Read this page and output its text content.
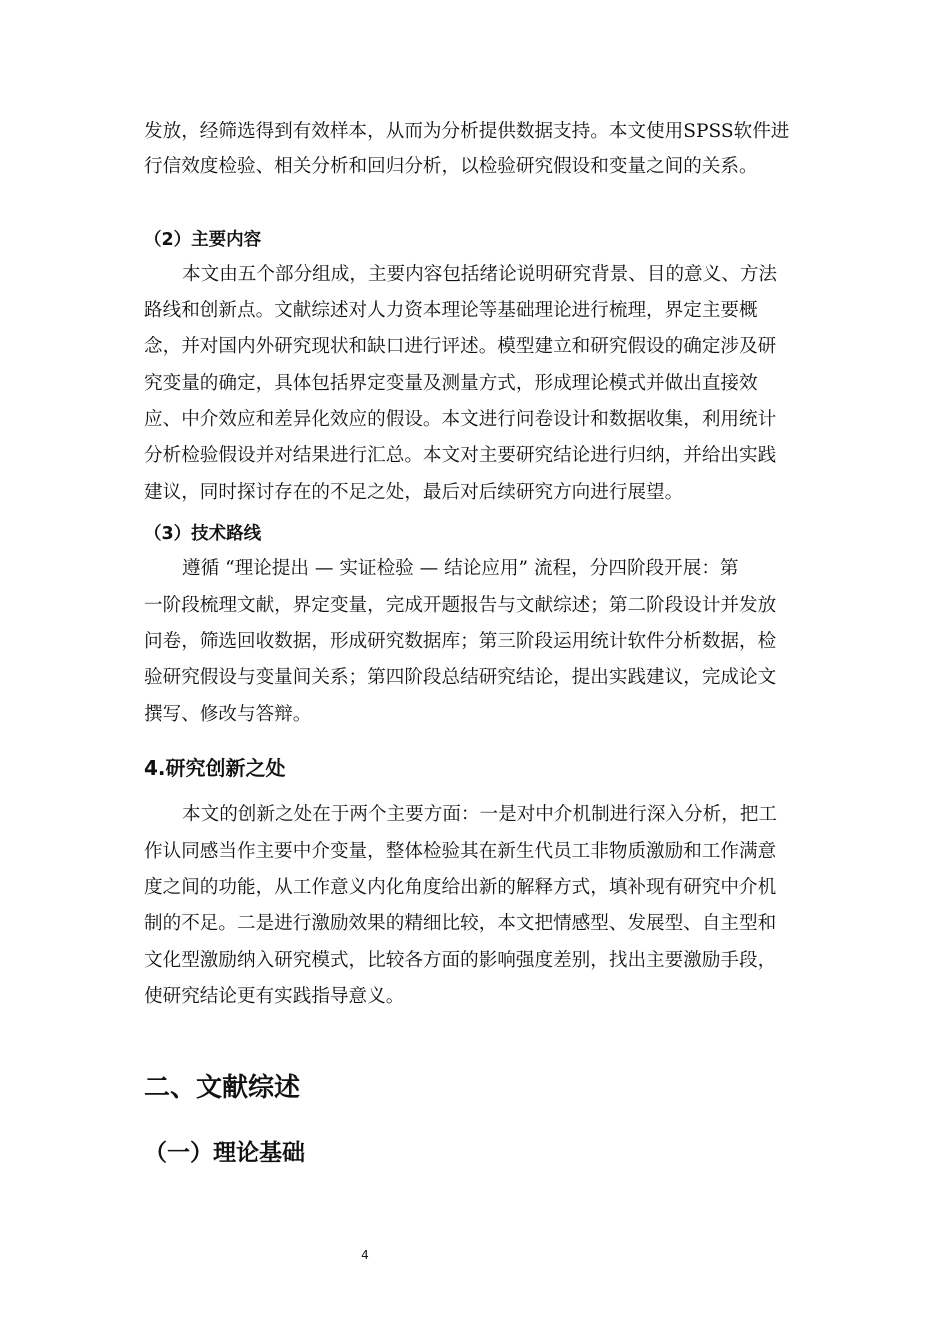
发放，经筛选得到有效样本，从而为分析提供数据支持。本文使用SPSS软件进
行信效度检验、相关分析和回归分析，以检验研究假设和变量之间的关系。
（2）主要内容
本文由五个部分组成，主要内容包括绪论说明研究背景、目的意义、方法
路线和创新点。文献综述对人力资本理论等基础理论进行梳理，界定主要概
念，并对国内外研究现状和缺口进行评述。模型建立和研究假设的确定涉及研
究变量的确定，具体包括界定变量及测量方式，形成理论模式并做出直接效
应、中介效应和差异化效应的假设。本文进行问卷设计和数据收集，利用统计
分析检验假设并对结果进行汇总。本文对主要研究结论进行归纳，并给出实践
建议，同时探讨存在的不足之处，最后对后续研究方向进行展望。
（3）技术路线
遵循 “理论提出 — 实证检验 — 结论应用” 流程，分四阶段开展：第
一阶段梳理文献，界定变量，完成开题报告与文献综述；第二阶段设计并发放
问卷，筛选回收数据，形成研究数据库；第三阶段运用统计软件分析数据，检
验研究假设与变量间关系；第四阶段总结研究结论，提出实践建议，完成论文
撰写、修改与答辩。
4.研究创新之处
本文的创新之处在于两个主要方面：一是对中介机制进行深入分析，把工
作认同感当作主要中介变量，整体检验其在新生代员工非物质激励和工作满意
度之间的功能，从工作意义内化角度给出新的解释方式，填补现有研究中介机
制的不足。二是进行激励效果的精细比较，本文把情感型、发展型、自主型和
文化型激励纳入研究模式，比较各方面的影响强度差别，找出主要激励手段，
使研究结论更有实践指导意义。
二、文献综述
（一）理论基础
4
